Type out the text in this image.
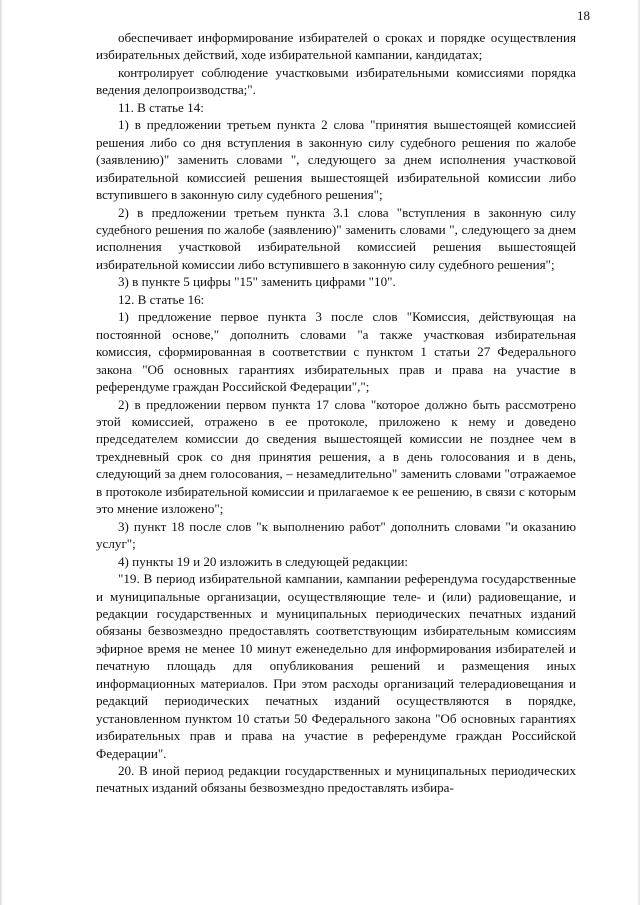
18

обеспечивает информирование избирателей о сроках и порядке осуществления избирательных действий, ходе избирательной кампании, кандидатах;

контролирует соблюдение участковыми избирательными комиссиями порядка ведения делопроизводства;".

11. В статье 14:

1) в предложении третьем пункта 2 слова "принятия вышестоящей комиссией решения либо со дня вступления в законную силу судебного решения по жалобе (заявлению)" заменить словами ", следующего за днем исполнения участковой избирательной комиссией решения вышестоящей избирательной комиссии либо вступившего в законную силу судебного решения";

2) в предложении третьем пункта 3.1 слова "вступления в законную силу судебного решения по жалобе (заявлению)" заменить словами ", следующего за днем исполнения участковой избирательной комиссией решения вышестоящей избирательной комиссии либо вступившего в законную силу судебного решения";

3) в пункте 5 цифры "15" заменить цифрами "10".

12. В статье 16:

1) предложение первое пункта 3 после слов "Комиссия, действующая на постоянной основе," дополнить словами "а также участковая избирательная комиссия, сформированная в соответствии с пунктом 1 статьи 27 Федерального закона "Об основных гарантиях избирательных прав и права на участие в референдуме граждан Российской Федерации",";

2) в предложении первом пункта 17 слова "которое должно быть рассмотрено этой комиссией, отражено в ее протоколе, приложено к нему и доведено председателем комиссии до сведения вышестоящей комиссии не позднее чем в трехдневный срок со дня принятия решения, а в день голосования и в день, следующий за днем голосования, – незамедлительно" заменить словами "отражаемое в протоколе избирательной комиссии и прилагаемое к ее решению, в связи с которым это мнение изложено";

3) пункт 18 после слов "к выполнению работ" дополнить словами "и оказанию услуг";

4) пункты 19 и 20 изложить в следующей редакции:

"19. В период избирательной кампании, кампании референдума государственные и муниципальные организации, осуществляющие теле- и (или) радиовещание, и редакции государственных и муниципальных периодических печатных изданий обязаны безвозмездно предоставлять соответствующим избирательным комиссиям эфирное время не менее 10 минут еженедельно для информирования избирателей и печатную площадь для опубликования решений и размещения иных информационных материалов. При этом расходы организаций телерадиовещания и редакций периодических печатных изданий осуществляются в порядке, установленном пунктом 10 статьи 50 Федерального закона "Об основных гарантиях избирательных прав и права на участие в референдуме граждан Российской Федерации".

20. В иной период редакции государственных и муниципальных периодических печатных изданий обязаны безвозмездно предоставлять избира-
